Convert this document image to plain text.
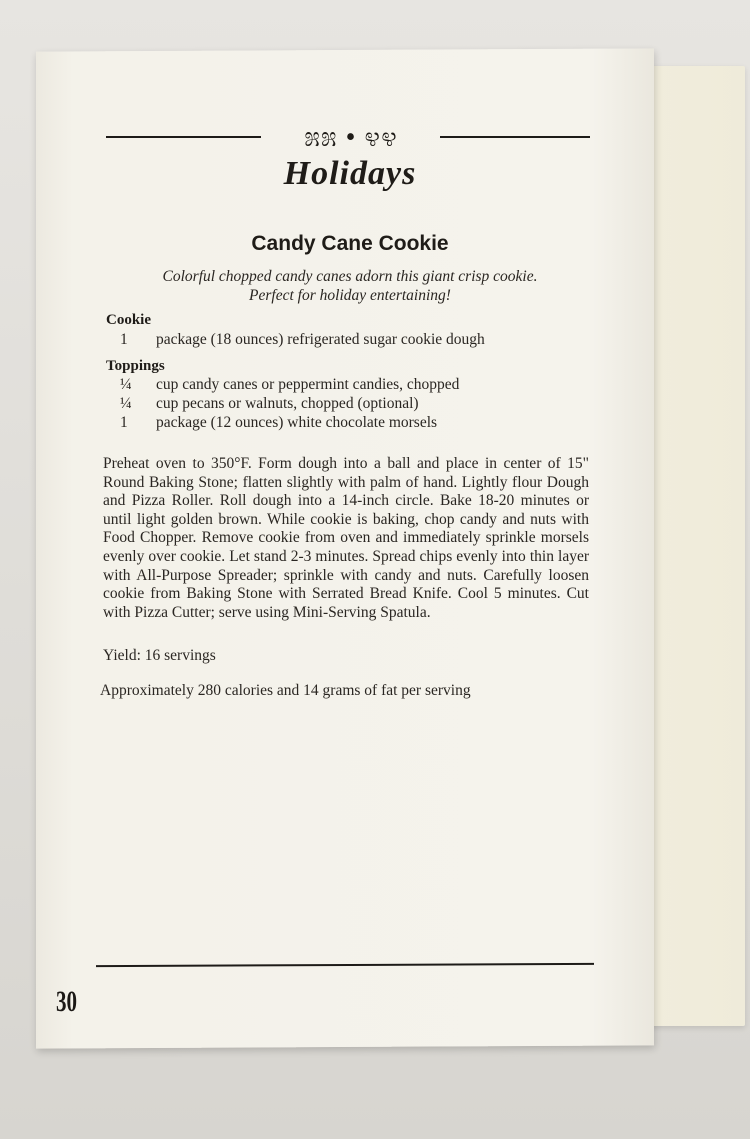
೫೫ • ೪೪
Holidays
Candy Cane Cookie
Colorful chopped candy canes adorn this giant crisp cookie.
Perfect for holiday entertaining!
Cookie
1 package (18 ounces) refrigerated sugar cookie dough
Toppings
¼ cup candy canes or peppermint candies, chopped
¼ cup pecans or walnuts, chopped (optional)
1 package (12 ounces) white chocolate morsels
Preheat oven to 350°F. Form dough into a ball and place in center of 15" Round Baking Stone; flatten slightly with palm of hand. Lightly flour Dough and Pizza Roller. Roll dough into a 14-inch circle. Bake 18-20 minutes or until light golden brown. While cookie is baking, chop candy and nuts with Food Chopper. Remove cookie from oven and immediately sprinkle morsels evenly over cookie. Let stand 2-3 minutes. Spread chips evenly into thin layer with All-Purpose Spreader; sprinkle with candy and nuts. Carefully loosen cookie from Baking Stone with Serrated Bread Knife. Cool 5 minutes. Cut with Pizza Cutter; serve using Mini-Serving Spatula.
Yield: 16 servings
Approximately 280 calories and 14 grams of fat per serving
30
